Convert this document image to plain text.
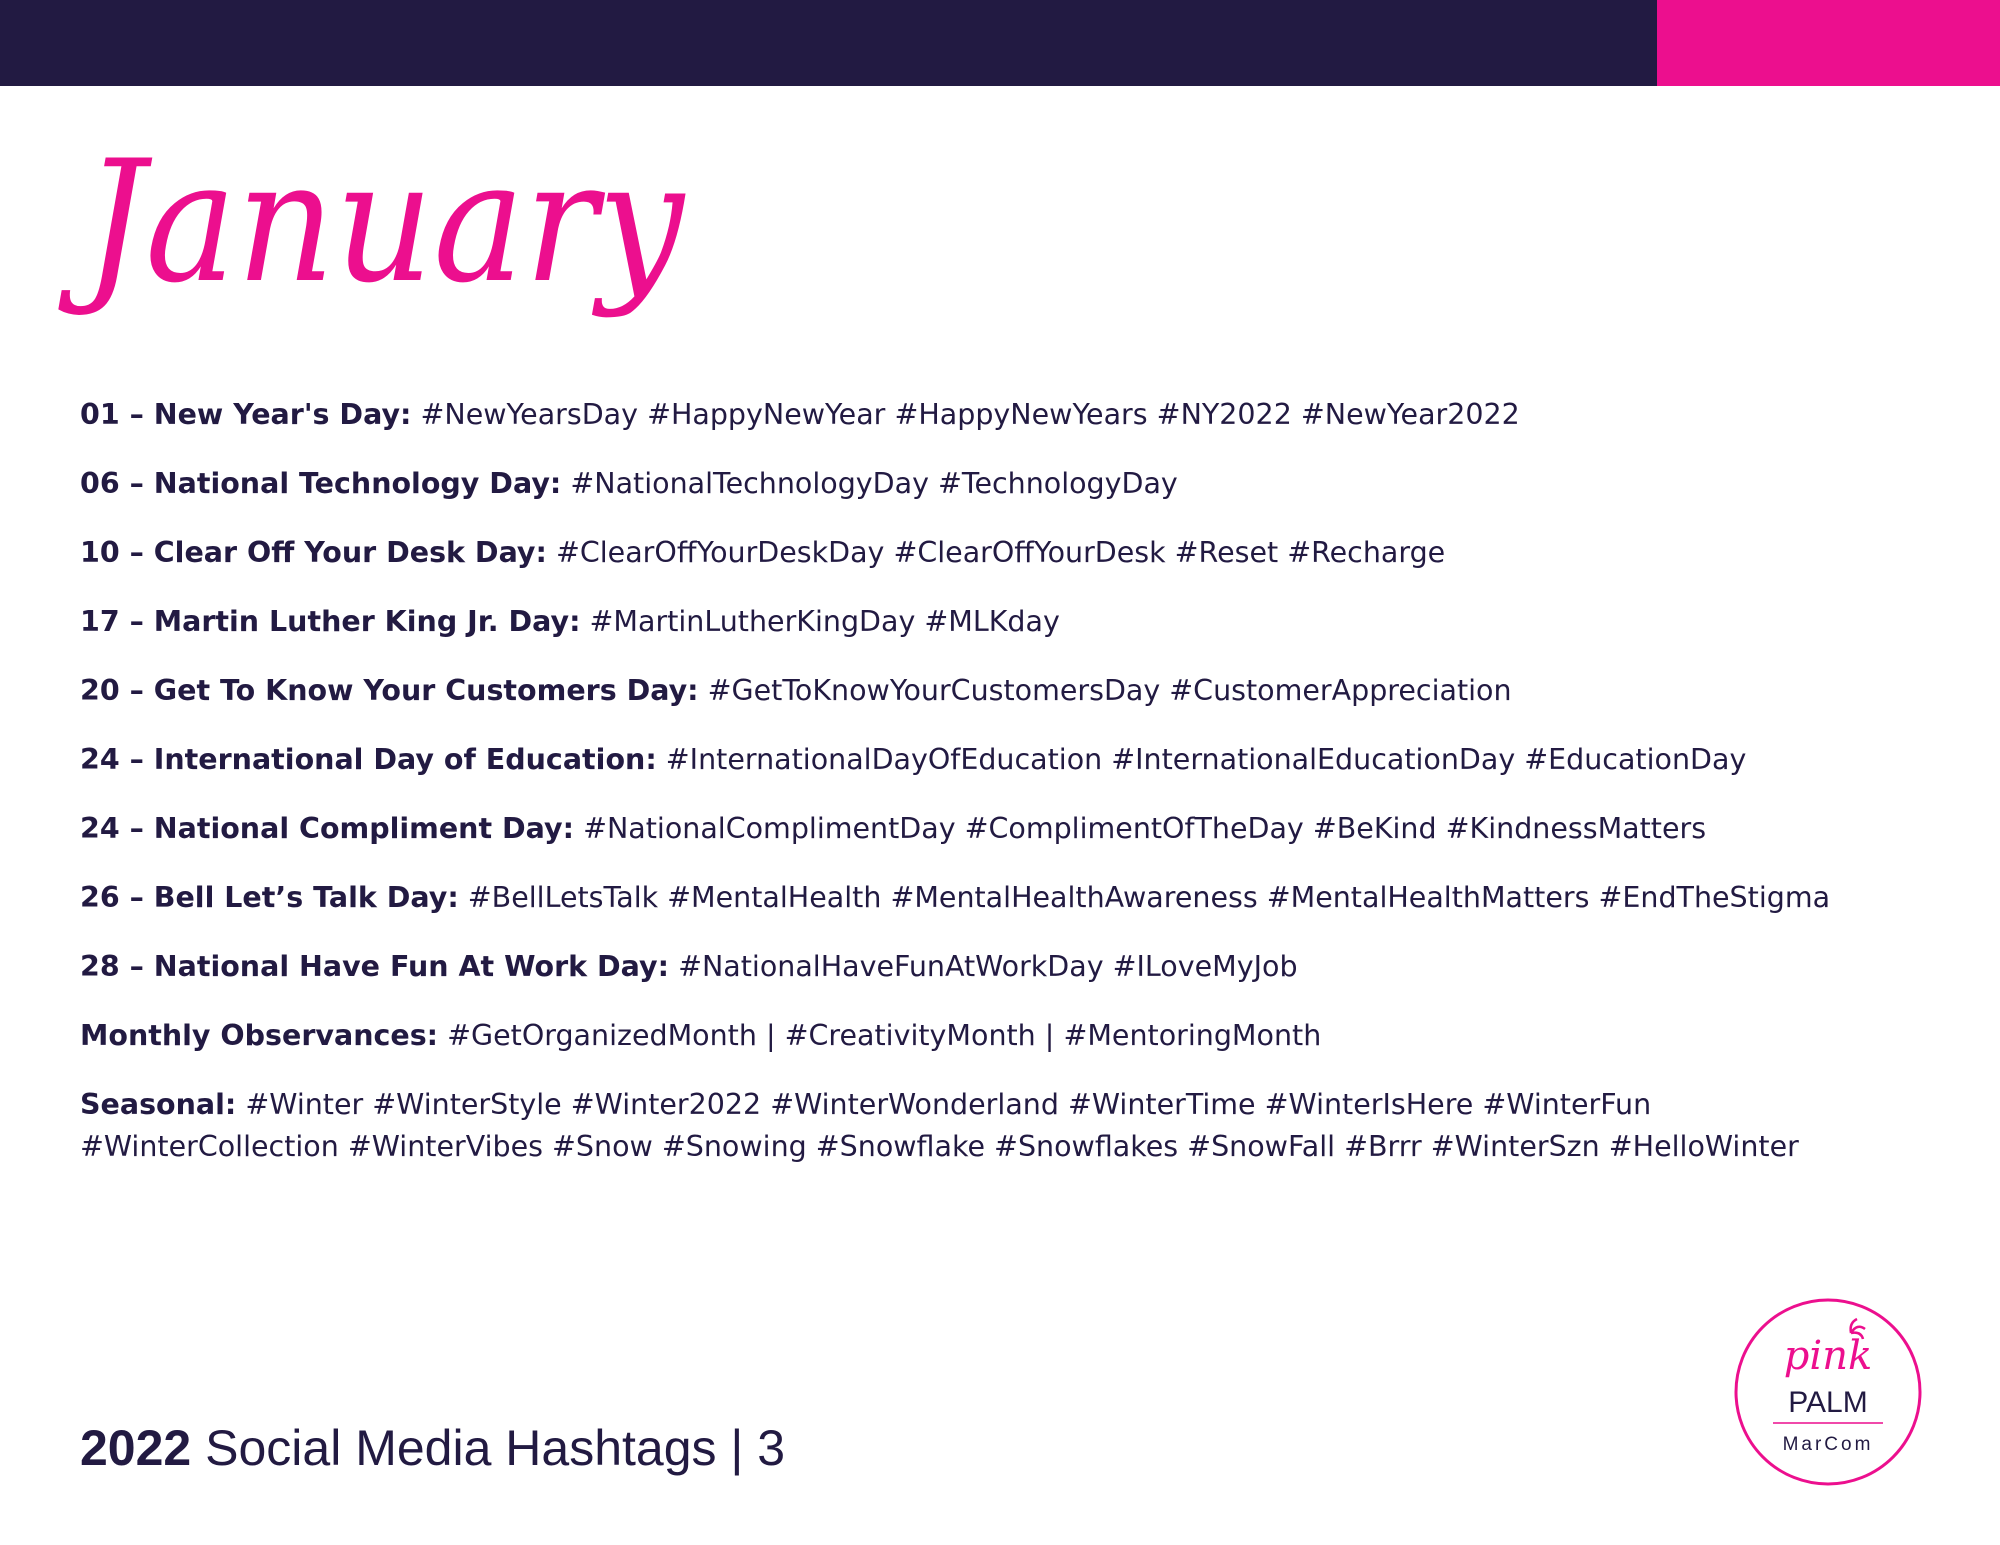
January
01 – New Year's Day: #NewYearsDay #HappyNewYear #HappyNewYears #NY2022 #NewYear2022
06 – National Technology Day: #NationalTechnologyDay #TechnologyDay
10 – Clear Off Your Desk Day: #ClearOffYourDeskDay #ClearOffYourDesk #Reset #Recharge
17 – Martin Luther King Jr. Day: #MartinLutherKingDay #MLKday
20 – Get To Know Your Customers Day: #GetToKnowYourCustomersDay #CustomerAppreciation
24 – International Day of Education: #InternationalDayOfEducation #InternationalEducationDay #EducationDay
24 – National Compliment Day: #NationalComplimentDay #ComplimentOfTheDay #BeKind #KindnessMatters
26 – Bell Let’s Talk Day: #BellLetsTalk #MentalHealth #MentalHealthAwareness #MentalHealthMatters #EndTheStigma
28 – National Have Fun At Work Day: #NationalHaveFunAtWorkDay #ILoveMyJob
Monthly Observances: #GetOrganizedMonth | #CreativityMonth | #MentoringMonth
Seasonal: #Winter #WinterStyle #Winter2022 #WinterWonderland #WinterTime #WinterIsHere #WinterFun #WinterCollection #WinterVibes #Snow #Snowing #Snowflake #Snowflakes #SnowFall #Brrr #WinterSzn #HelloWinter
2022 Social Media Hashtags | 3
pink
PALM
MarCom
